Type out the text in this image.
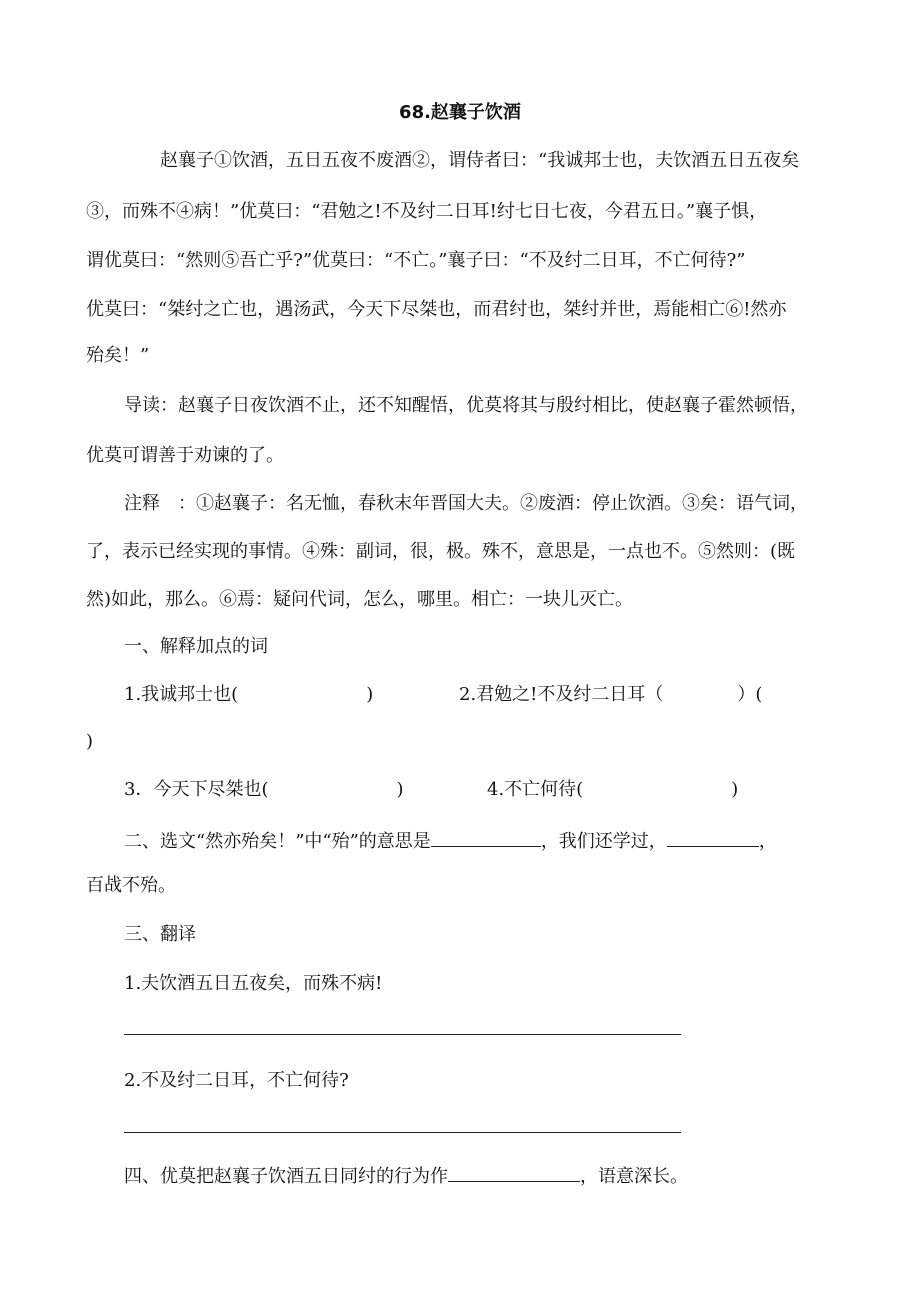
68.赵襄子饮酒
赵襄子①饮酒，五日五夜不废酒②，谓侍者曰：“我诚邦士也，夫饮酒五日五夜矣
③，而殊不④病！”优莫曰：“君勉之!不及纣二日耳!纣七日七夜，今君五日。”襄子惧，
谓优莫曰：“然则⑤吾亡乎?”优莫曰：“不亡。”襄子曰：“不及纣二日耳，不亡何待?”
优莫曰：“桀纣之亡也，遇汤武，今天下尽桀也，而君纣也，桀纣并世，焉能相亡⑥!然亦
殆矣！”
导读：赵襄子日夜饮酒不止，还不知醒悟，优莫将其与殷纣相比，使赵襄子霍然顿悟，
优莫可谓善于劝谏的了。
注释　：①赵襄子：名无恤，春秋末年晋国大夫。②废酒：停止饮酒。③矣：语气词，
了，表示已经实现的事情。④殊：副词，很，极。殊不，意思是，一点也不。⑤然则：(既
然)如此，那么。⑥焉：疑问代词，怎么，哪里。相亡：一块儿灭亡。
一、解释加点的词
1.我诚邦士也(	)	2.君勉之!不及纣二日耳（	）(
)
3．今天下尽桀也(	)	4.不亡何待(	)
二、选文“然亦殆矣！”中“殆”的意思是	，我们还学过，	，
百战不殆。
三、翻译
1.夫饮酒五日五夜矣，而殊不病!
2.不及纣二日耳，不亡何待?
四、优莫把赵襄子饮酒五日同纣的行为作	，语意深长。
